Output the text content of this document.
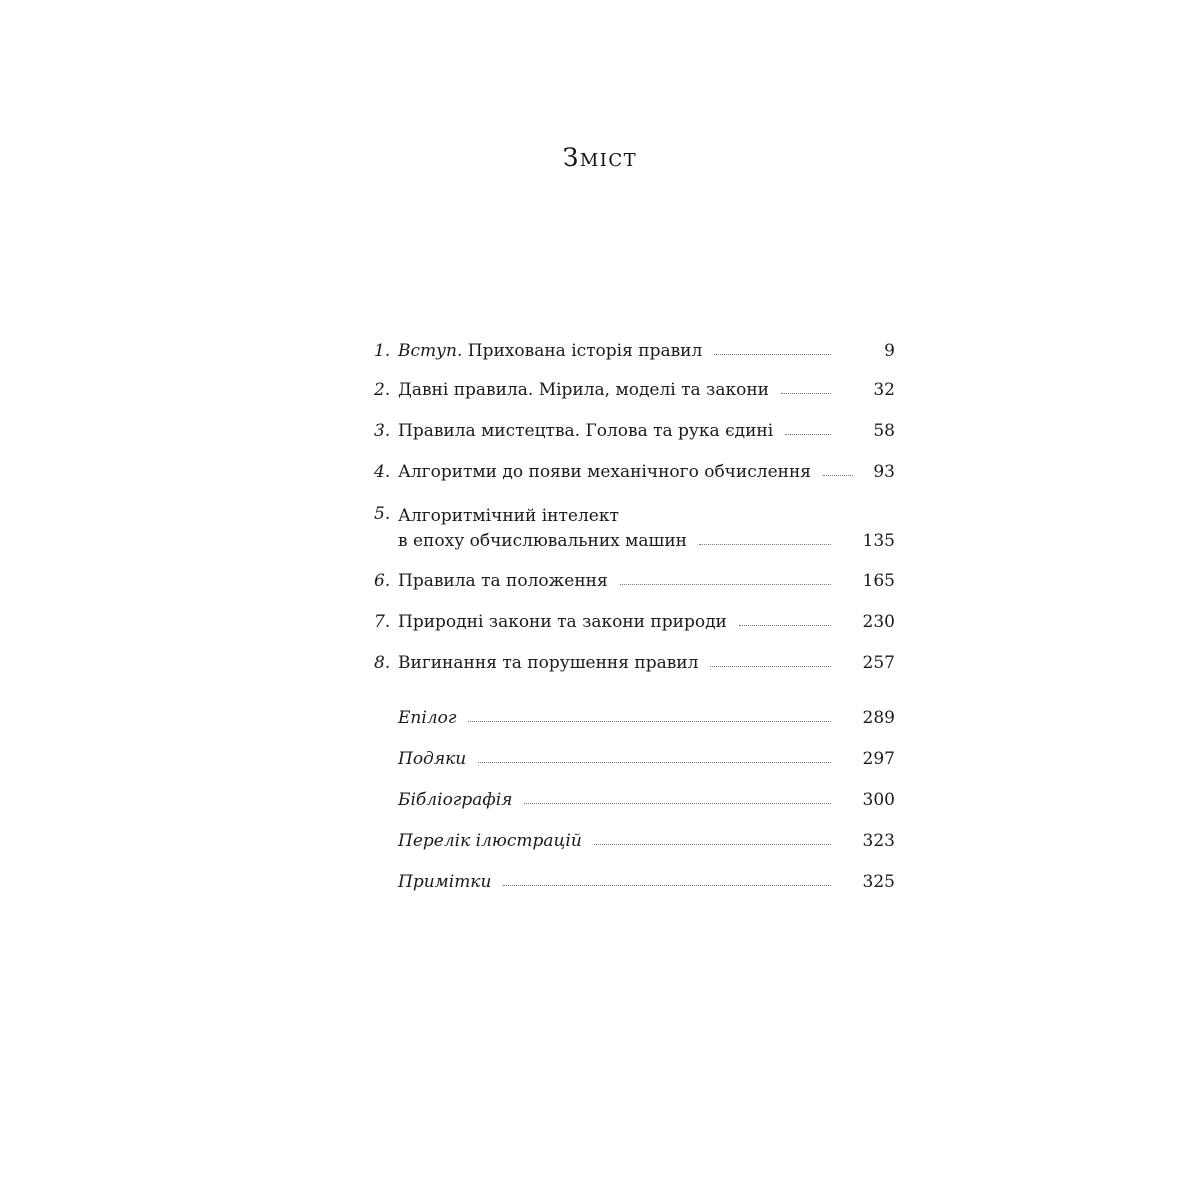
Зміст
1. Вступ. Прихована історія правил	9
2. Давні правила. Мірила, моделі та закони	32
3. Правила мистецтва. Голова та рука єдині	58
4. Алгоритми до появи механічного обчислення	93
5. Алгоритмічний інтелект
в епоху обчислювальних машин	135
6. Правила та положення	165
7. Природні закони та закони природи	230
8. Вигинання та порушення правил	257
Епілог	289
Подяки	297
Бібліографія	300
Перелік ілюстрацій	323
Примітки	325
